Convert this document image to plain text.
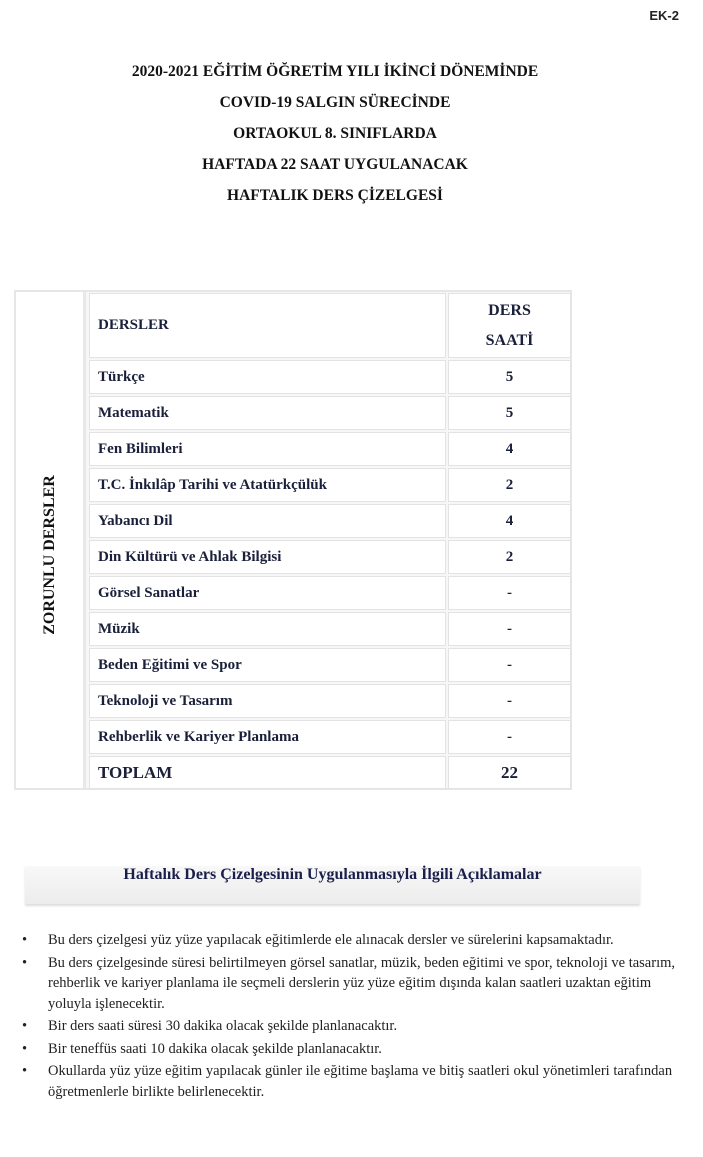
EK-2
2020-2021 EĞİTİM ÖĞRETİM YILI İKİNCİ DÖNEMİNDE
COVID-19 SALGIN SÜRECİNDE
ORTAOKUL 8. SINIFLARDA
HAFTADA 22 SAAT UYGULANACAK
HAFTALIK DERS ÇİZELGESİ
ZORUNLU DERSLER
DERSLER
DERS
SAATİ
Türkçe	5
Matematik	5
Fen Bilimleri	4
T.C. İnkılâp Tarihi ve Atatürkçülük	2
Yabancı Dil	4
Din Kültürü ve Ahlak Bilgisi	2
Görsel Sanatlar	-
Müzik	-
Beden Eğitimi ve Spor	-
Teknoloji ve Tasarım	-
Rehberlik ve Kariyer Planlama	-
TOPLAM	22
Haftalık Ders Çizelgesinin Uygulanmasıyla İlgili Açıklamalar
• Bu ders çizelgesi yüz yüze yapılacak eğitimlerde ele alınacak dersler ve sürelerini kapsamaktadır.
• Bu ders çizelgesinde süresi belirtilmeyen görsel sanatlar, müzik, beden eğitimi ve spor, teknoloji ve tasarım, rehberlik ve kariyer planlama ile seçmeli derslerin yüz yüze eğitim dışında kalan saatleri uzaktan eğitim yoluyla işlenecektir.
• Bir ders saati süresi 30 dakika olacak şekilde planlanacaktır.
• Bir teneffüs saati 10 dakika olacak şekilde planlanacaktır.
• Okullarda yüz yüze eğitim yapılacak günler ile eğitime başlama ve bitiş saatleri okul yönetimleri tarafından öğretmenlerle birlikte belirlenecektir.
